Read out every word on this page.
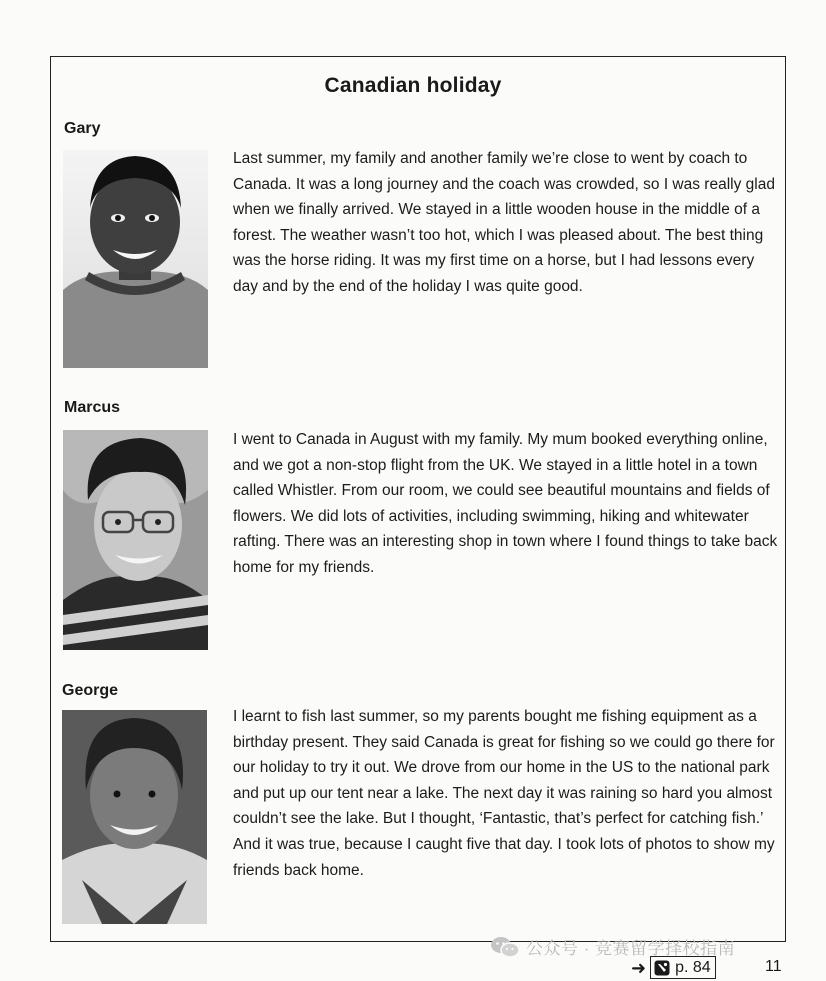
Canadian holiday

Gary

Last summer, my family and another family we’re close to went by coach to Canada. It was a long journey and the coach was crowded, so I was really glad when we finally arrived. We stayed in a little wooden house in the middle of a forest. The weather wasn’t too hot, which I was pleased about. The best thing was the horse riding. It was my first time on a horse, but I had lessons every day and by the end of the holiday I was quite good.

Marcus

I went to Canada in August with my family. My mum booked everything online, and we got a non-stop flight from the UK. We stayed in a little hotel in a town called Whistler. From our room, we could see beautiful mountains and fields of flowers. We did lots of activities, including swimming, hiking and whitewater rafting. There was an interesting shop in town where I found things to take back home for my friends.

George

I learnt to fish last summer, so my parents bought me fishing equipment as a birthday present. They said Canada is great for fishing so we could go there for our holiday to try it out. We drove from our home in the US to the national park and put up our tent near a lake. The next day it was raining so hard you almost couldn’t see the lake. But I thought, ‘Fantastic, that’s perfect for catching fish.’ And it was true, because I caught five that day. I took lots of photos to show my friends back home.

公众号 · 竞赛留学择校指南
➜ p. 84	11
